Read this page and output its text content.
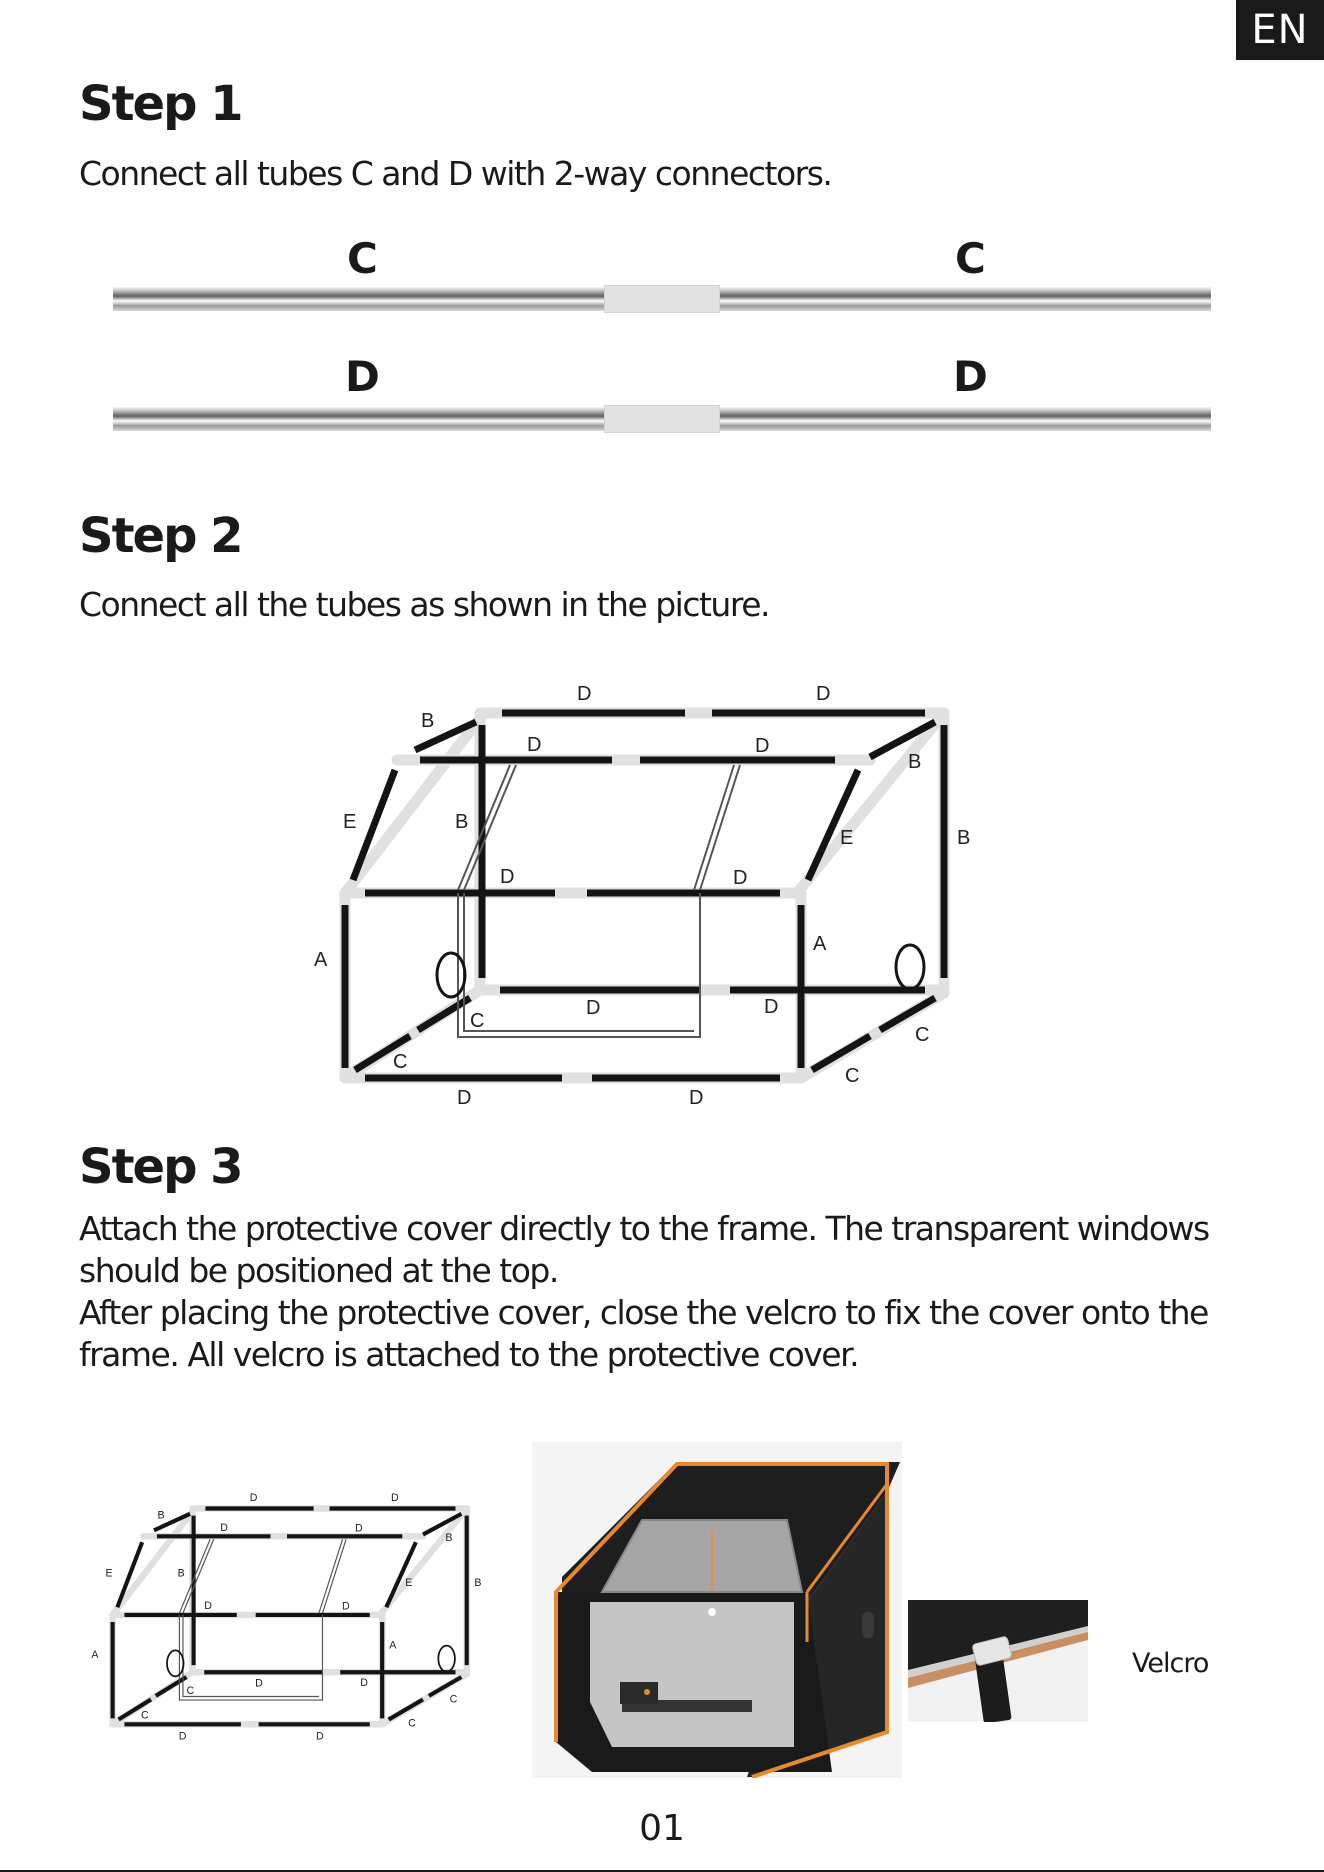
EN
Step 1

Connect all tubes C and D with 2-way connectors.

C	C
D	D
Step 2

Connect all the tubes as shown in the picture.

D	D
B
D	D
B
E	B
E	B
D	D
A
A
D	D
C
C
C
C
D	D
Step 3

Attach the protective cover directly to the frame. The transparent windows

should be positioned at the top.

After placing the protective cover, close the velcro to fix the cover onto the

frame. All velcro is attached to the protective cover.

D	D
B
D	D
B
E	B
E	B
D	D
A
A
D	D
C
C
C
C
D	D
Velcro
01
